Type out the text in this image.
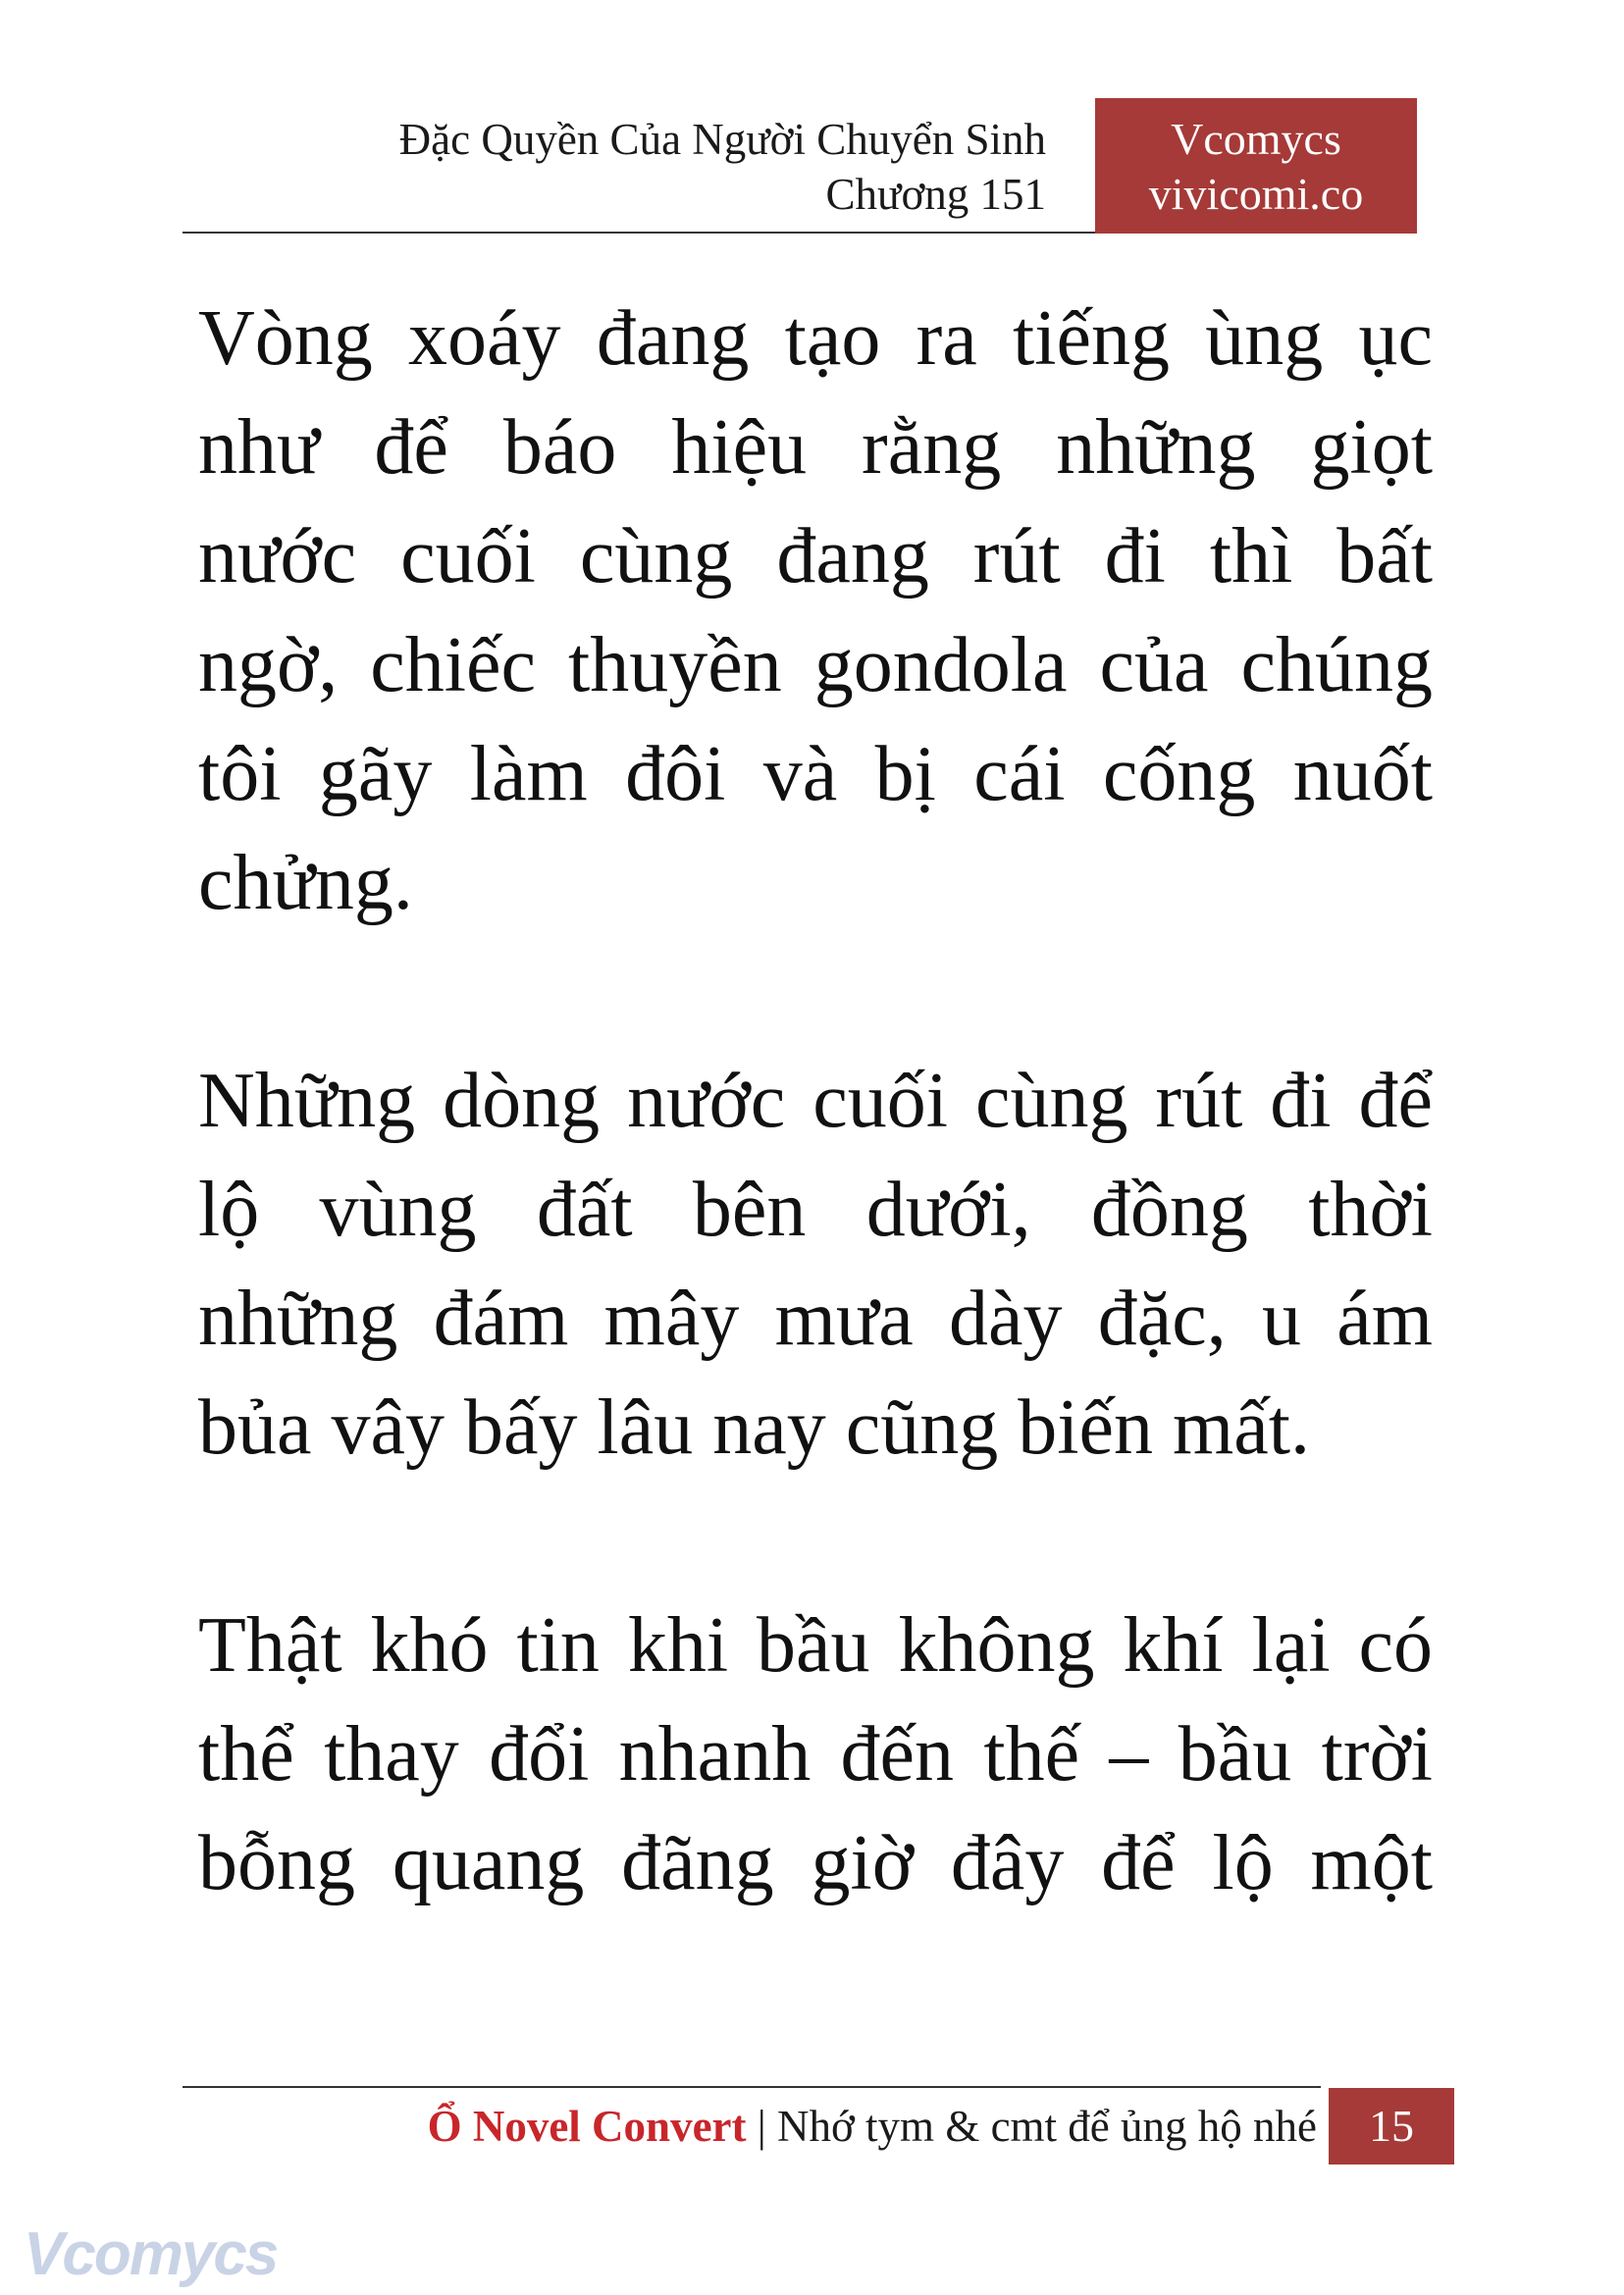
Đặc Quyền Của Người Chuyển Sinh
Chương 151
Vcomycs
vivicomi.co
Vòng xoáy đang tạo ra tiếng ùng ục
như để báo hiệu rằng những giọt
nước cuối cùng đang rút đi thì bất
ngờ, chiếc thuyền gondola của chúng
tôi gãy làm đôi và bị cái cống nuốt
chửng.
Những dòng nước cuối cùng rút đi để
lộ vùng đất bên dưới, đồng thời
những đám mây mưa dày đặc, u ám
bủa vây bấy lâu nay cũng biến mất.
Thật khó tin khi bầu không khí lại có
thể thay đổi nhanh đến thế – bầu trời
bỗng quang đãng giờ đây để lộ một
Ổ Novel Convert | Nhớ tym & cmt để ủng hộ nhé	15
Vcomycs
